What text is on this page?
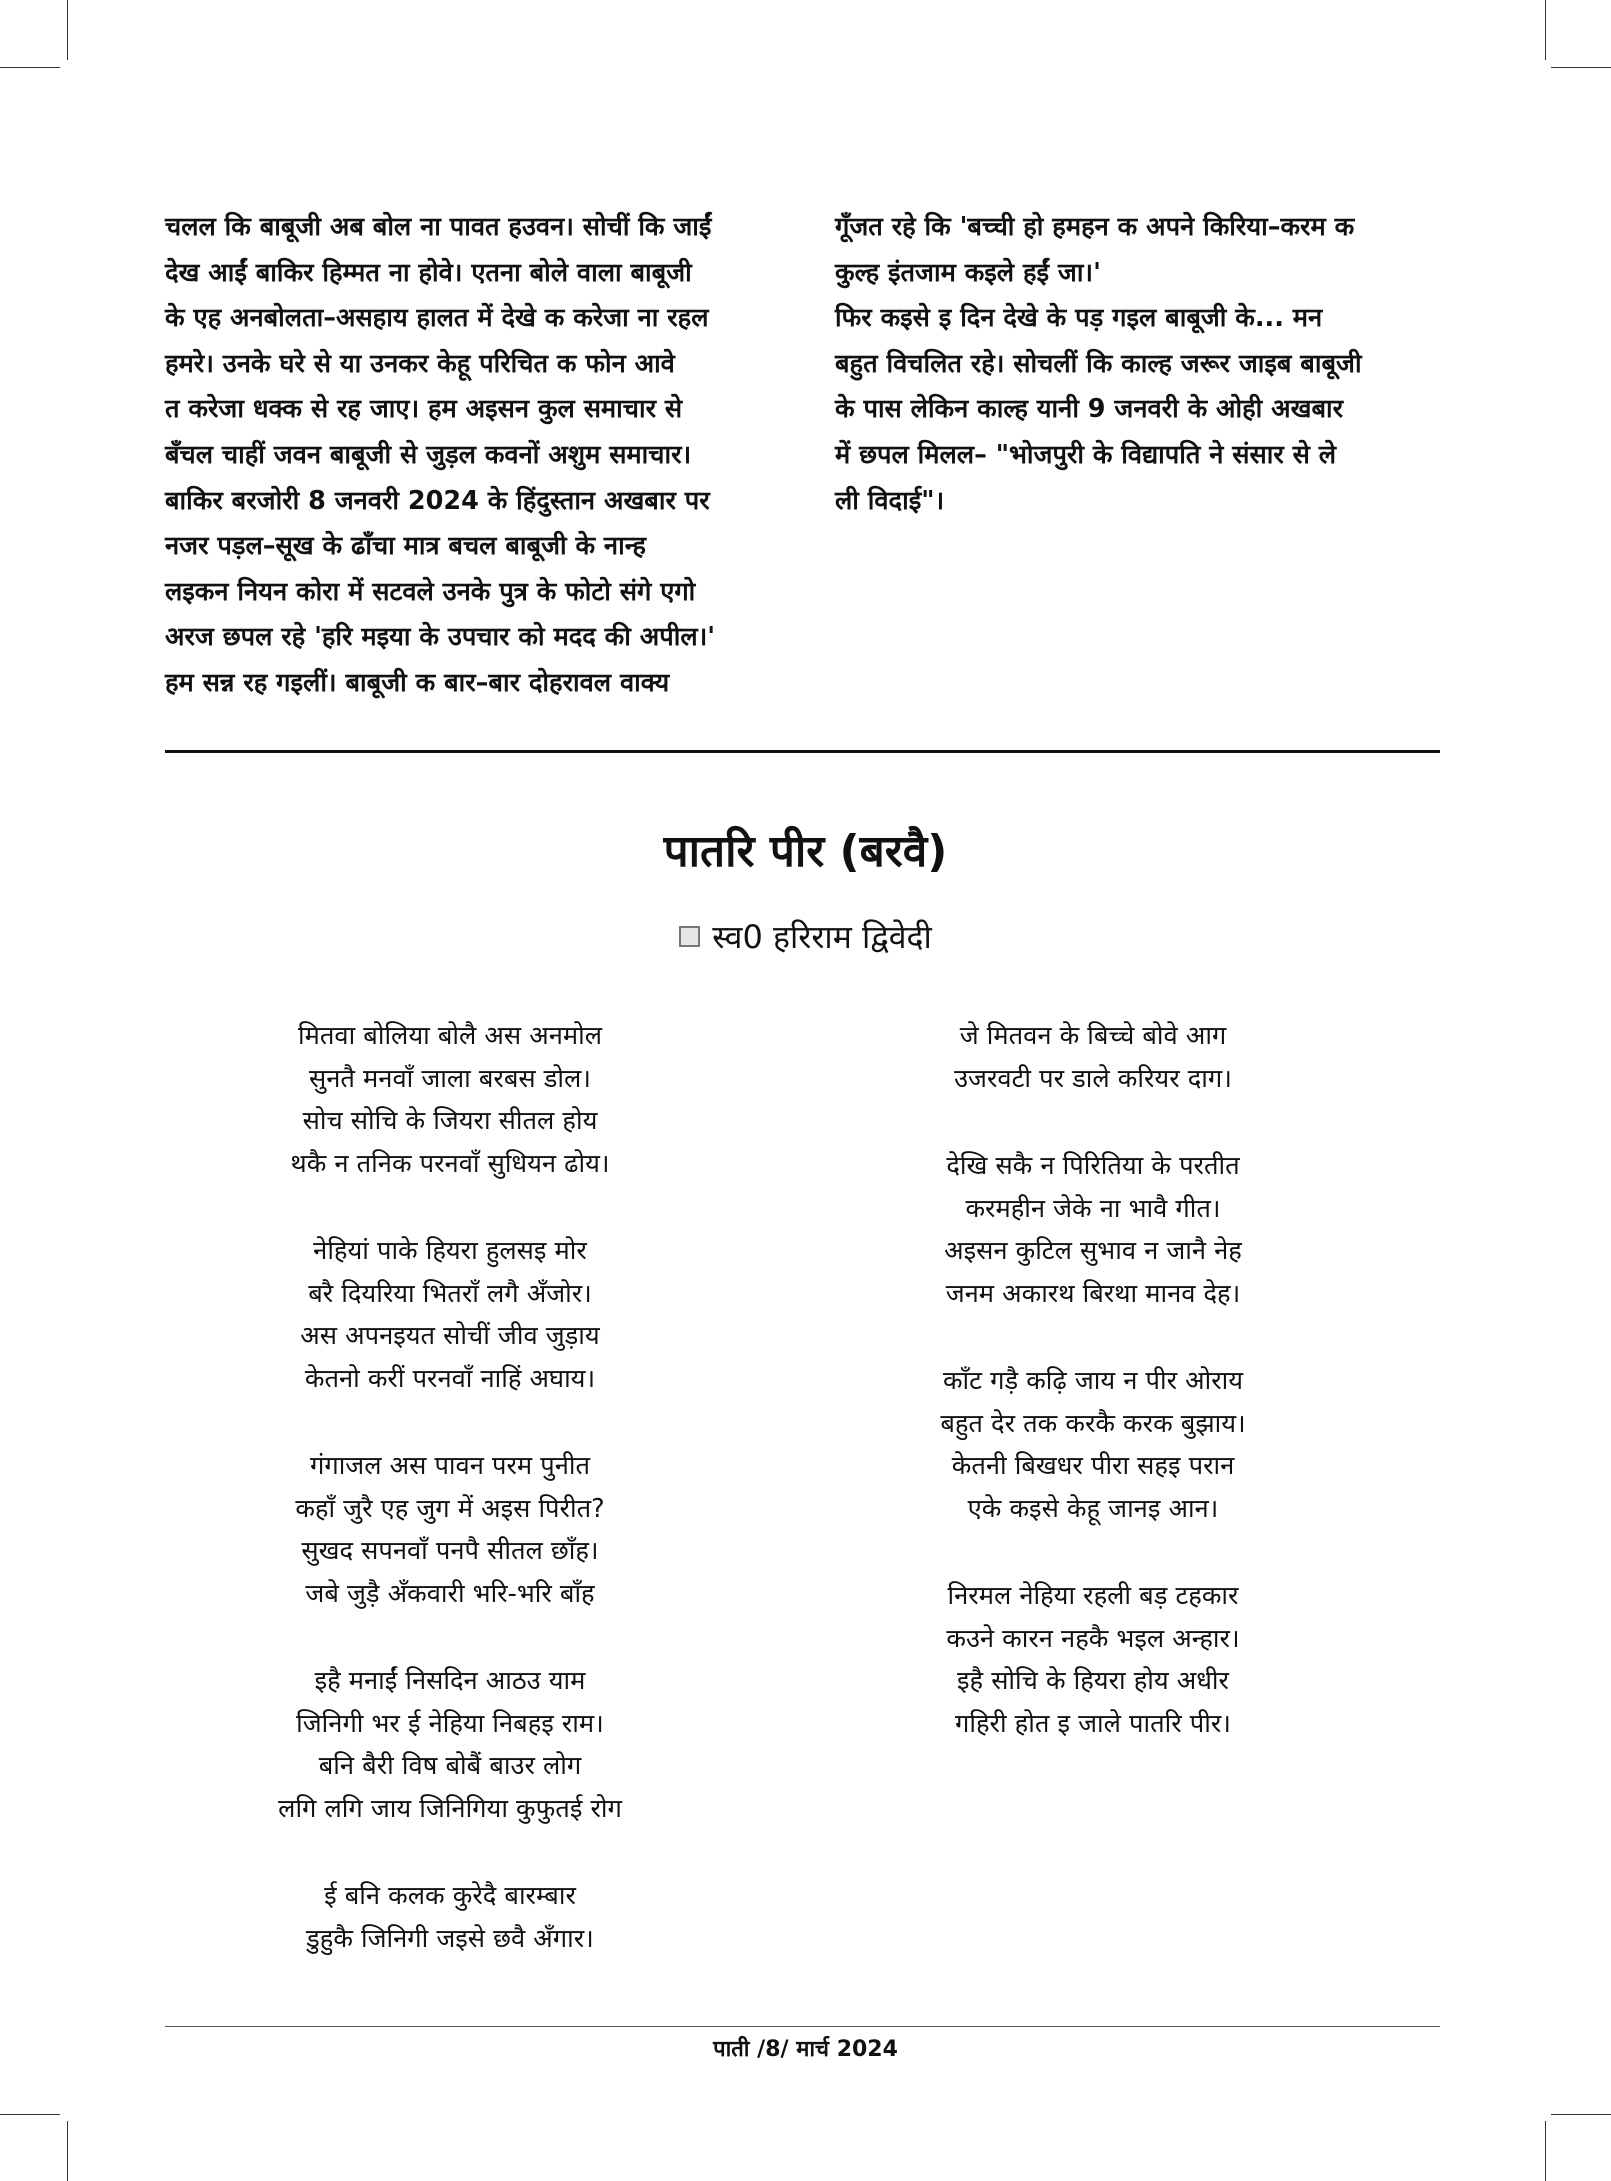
चलल कि बाबूजी अब बोल ना पावत हउवन। सोचीं कि जाईं
देख आईं बाकिर हिम्मत ना होवे। एतना बोले वाला बाबूजी
के एह अनबोलता–असहाय हालत में देखे क करेजा ना रहल
हमरे। उनके घरे से या उनकर केहू परिचित क फोन आवे
त करेजा धक्क से रह जाए। हम अइसन कुल समाचार से
बँचल चाहीं जवन बाबूजी से जुड़ल कवनों अशुम समाचार।
बाकिर बरजोरी 8 जनवरी 2024 के हिंदुस्तान अखबार पर
नजर पड़ल–सूख के ढाँचा मात्र बचल बाबूजी के नान्ह
लइकन नियन कोरा में सटवले उनके पुत्र के फोटो संगे एगो
अरज छपल रहे 'हरि मइया के उपचार को मदद की अपील।'
हम सन्न रह गइलीं। बाबूजी क बार–बार दोहरावल वाक्य
गूँजत रहे कि 'बच्ची हो हमहन क अपने किरिया–करम क
कुल्ह इंतजाम कइले हईं जा।'
फिर कइसे इ दिन देखे के पड़ गइल बाबूजी के... मन
बहुत विचलित रहे। सोचलीं कि काल्ह जरूर जाइब बाबूजी
के पास लेकिन काल्ह यानी 9 जनवरी के ओही अखबार
में छपल मिलल– "भोजपुरी के विद्यापति ने संसार से ले
ली विदाई"।
पातरि पीर (बरवै)
स्व0 हरिराम द्विवेदी
मितवा बोलिया बोलै अस अनमोल
सुनतै मनवाँ जाला बरबस डोल।
सोच सोचि के जियरा सीतल होय
थकै न तनिक परनवाँ सुधियन ढोय।
नेहियां पाके हियरा हुलसइ मोर
बरै दियरिया भितराँ लगै अँजोर।
अस अपनइयत सोचीं जीव जुड़ाय
केतनो करीं परनवाँ नाहिं अघाय।
गंगाजल अस पावन परम पुनीत
कहाँ जुरै एह जुग में अइस पिरीत?
सुखद सपनवाँ पनपै सीतल छाँह।
जबे जुड़ै अँकवारी भरि-भरि बाँह
इहै मनाईं निसदिन आठउ याम
जिनिगी भर ई नेहिया निबहइ राम।
बनि बैरी विष बोबैं बाउर लोग
लगि लगि जाय जिनिगिया कुफुतई रोग
ई बनि कलक कुरेदै बारम्बार
डुहुकै जिनिगी जइसे छवै अँगार।
जे मितवन के बिच्चे बोवे आग
उजरवटी पर डाले करियर दाग।
देखि सकै न पिरितिया के परतीत
करमहीन जेके ना भावै गीत।
अइसन कुटिल सुभाव न जानै नेह
जनम अकारथ बिरथा मानव देह।
काँट गड़ै कढ़ि जाय न पीर ओराय
बहुत देर तक करकै करक बुझाय।
केतनी बिखधर पीरा सहइ परान
एके कइसे केहू जानइ आन।
निरमल नेहिया रहली बड़ टहकार
कउने कारन नहकै भइल अन्हार।
इहै सोचि के हियरा होय अधीर
गहिरी होत इ जाले पातरि पीर।
पाती /8/ मार्च 2024
